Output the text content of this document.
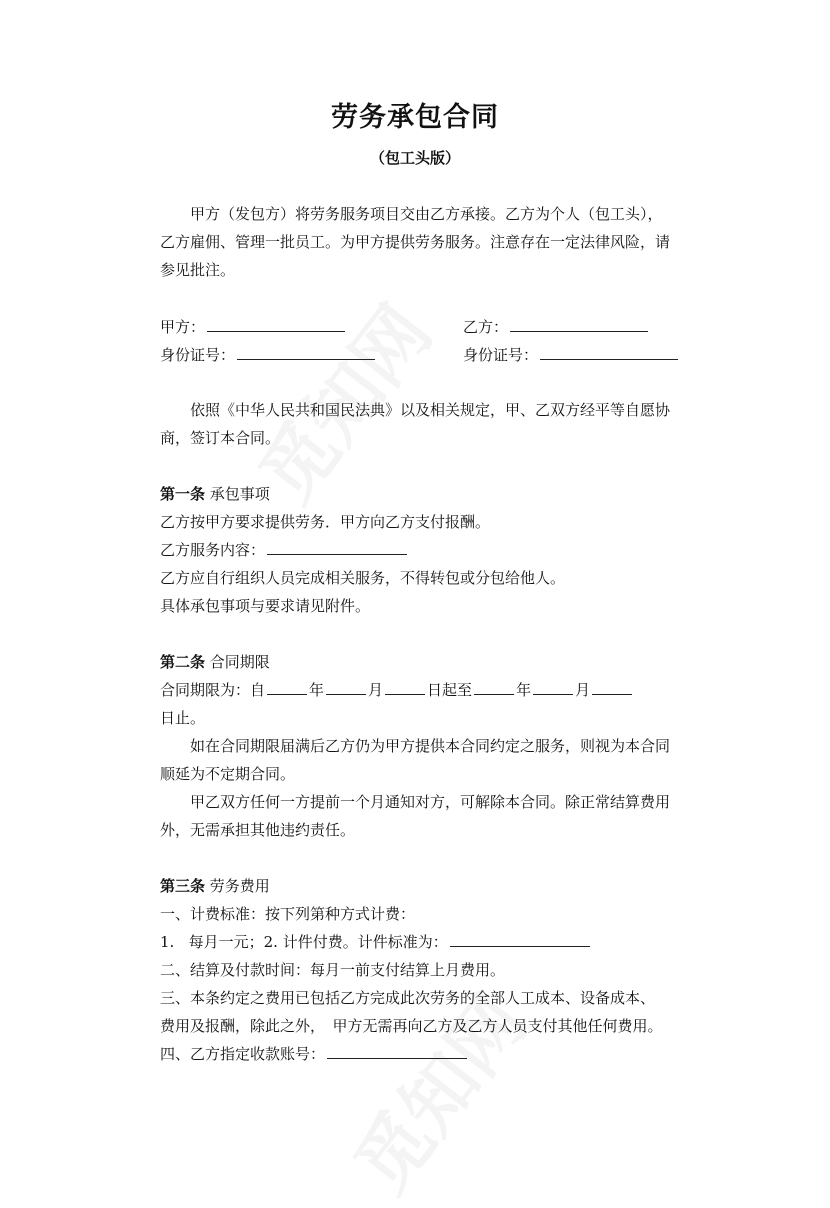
劳务承包合同
（包工头版）

甲方（发包方）将劳务服务项目交由乙方承接。乙方为个人（包工头），

乙方雇佣、管理一批员工。为甲方提供劳务服务。注意存在一定法律风险，请

参见批注。

甲方：	乙方：
身份证号：	身份证号：

依照《中华人民共和国民法典》以及相关规定，甲、乙双方经平等自愿协

商，签订本合同。

第一条 承包事项

乙方按甲方要求提供劳务．甲方向乙方支付报酬。

乙方服务内容：

乙方应自行组织人员完成相关服务，不得转包或分包给他人。

具体承包事项与要求请见附件。

第二条 合同期限

合同期限为：自	年	月	日起至	年	月

日止。

如在合同期限届满后乙方仍为甲方提供本合同约定之服务，则视为本合同

顺延为不定期合同。

甲乙双方任何一方提前一个月通知对方，可解除本合同。除正常结算费用

外，无需承担其他违约责任。

第三条 劳务费用

一、计费标准：按下列第种方式计费：

1.   每月一元；2. 计件付费。计件标准为：

二、结算及付款时间：每月一前支付结算上月费用。

三、本条约定之费用已包括乙方完成此次劳务的全部人工成本、设备成本、

费用及报酬，除此之外，　甲方无需再向乙方及乙方人员支付其他任何费用。

四、乙方指定收款账号：
